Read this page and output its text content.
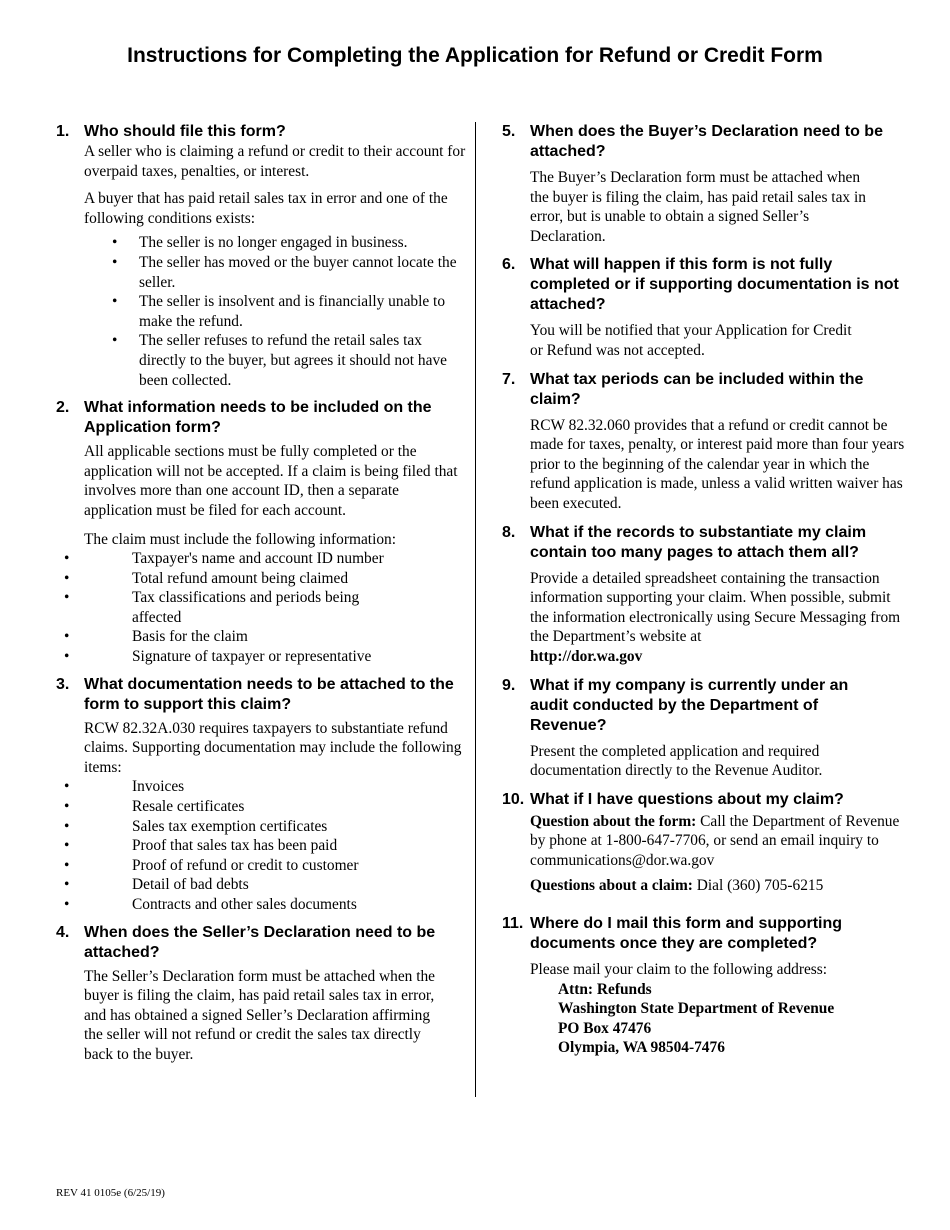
Instructions for Completing the Application for Refund or Credit Form
1. Who should file this form?

A seller who is claiming a refund or credit to their account for overpaid taxes, penalties, or interest.

A buyer that has paid retail sales tax in error and one of the following conditions exists:

• The seller is no longer engaged in business.
• The seller has moved or the buyer cannot locate the seller.
• The seller is insolvent and is financially unable to make the refund.
• The seller refuses to refund the retail sales tax directly to the buyer, but agrees it should not have been collected.
2. What information needs to be included on the Application form?

All applicable sections must be fully completed or the application will not be accepted. If a claim is being filed that involves more than one account ID, then a separate application must be filed for each account.

The claim must include the following information:

•	Taxpayer's name and account ID number
•	Total refund amount being claimed
•	Tax classifications and periods being affected
•	Basis for the claim
•	Signature of taxpayer or representative
3. What documentation needs to be attached to the form to support this claim?

RCW 82.32A.030 requires taxpayers to substantiate refund claims. Supporting documentation may include the following items:

•	Invoices
•	Resale certificates
•	Sales tax exemption certificates
•	Proof that sales tax has been paid
•	Proof of refund or credit to customer
•	Detail of bad debts
•	Contracts and other sales documents
4. When does the Seller’s Declaration need to be attached?

The Seller’s Declaration form must be attached when the buyer is filing the claim, has paid retail sales tax in error, and has obtained a signed Seller’s Declaration affirming the seller will not refund or credit the sales tax directly back to the buyer.

5. When does the Buyer’s Declaration need to be attached?

The Buyer’s Declaration form must be attached when the buyer is filing the claim, has paid retail sales tax in error, but is unable to obtain a signed Seller’s Declaration.

6. What will happen if this form is not fully completed or if supporting documentation is not attached?

You will be notified that your Application for Credit or Refund was not accepted.

7. What tax periods can be included within the claim?

RCW 82.32.060 provides that a refund or credit cannot be made for taxes, penalty, or interest paid more than four years prior to the beginning of the calendar year in which the refund application is made, unless a valid written waiver has been executed.

8. What if the records to substantiate my claim contain too many pages to attach them all?

Provide a detailed spreadsheet containing the transaction information supporting your claim. When possible, submit the information electronically using Secure Messaging from the Department’s website at

http://dor.wa.gov

9. What if my company is currently under an audit conducted by the Department of Revenue?

Present the completed application and required documentation directly to the Revenue Auditor.

10. What if I have questions about my claim?

Question about the form: Call the Department of Revenue by phone at 1-800-647-7706, or send an email inquiry to communications@dor.wa.gov

Questions about a claim: Dial (360) 705-6215

11. Where do I mail this form and supporting documents once they are completed?

Please mail your claim to the following address:

Attn: Refunds
Washington State Department of Revenue
PO Box 47476
Olympia, WA 98504-7476
REV 41 0105e (6/25/19)
